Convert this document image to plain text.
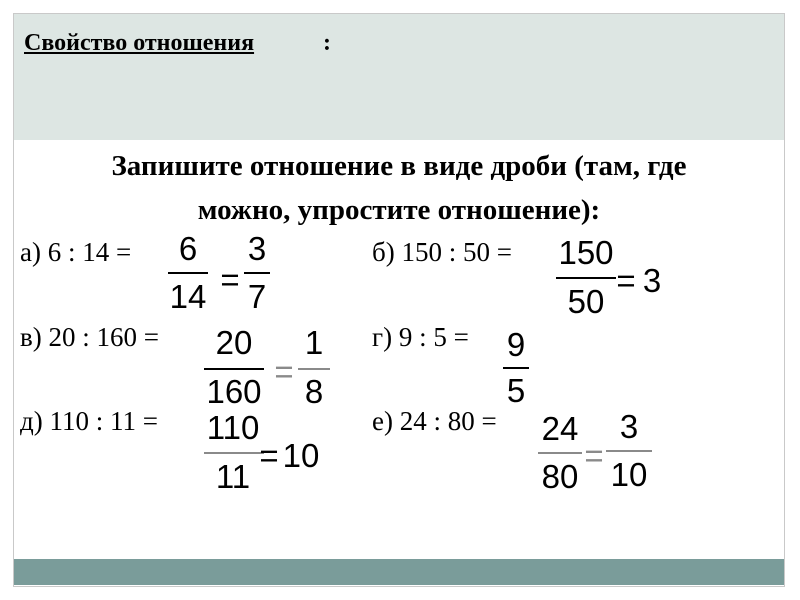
Свойство отношения	:
Запишите отношение в виде дроби (там, где
можно, упростите отношение):
а) 6 : 14 =	6
14 =
3
7
б) 150 : 50 = 150
50
= 3
в) 20 : 160 =	20
160
=
1
8
г) 9 : 5 = 9
5
д) 110 : 11 = 110
11
= 10
е) 24 : 80 = 24
80
=
3
10
